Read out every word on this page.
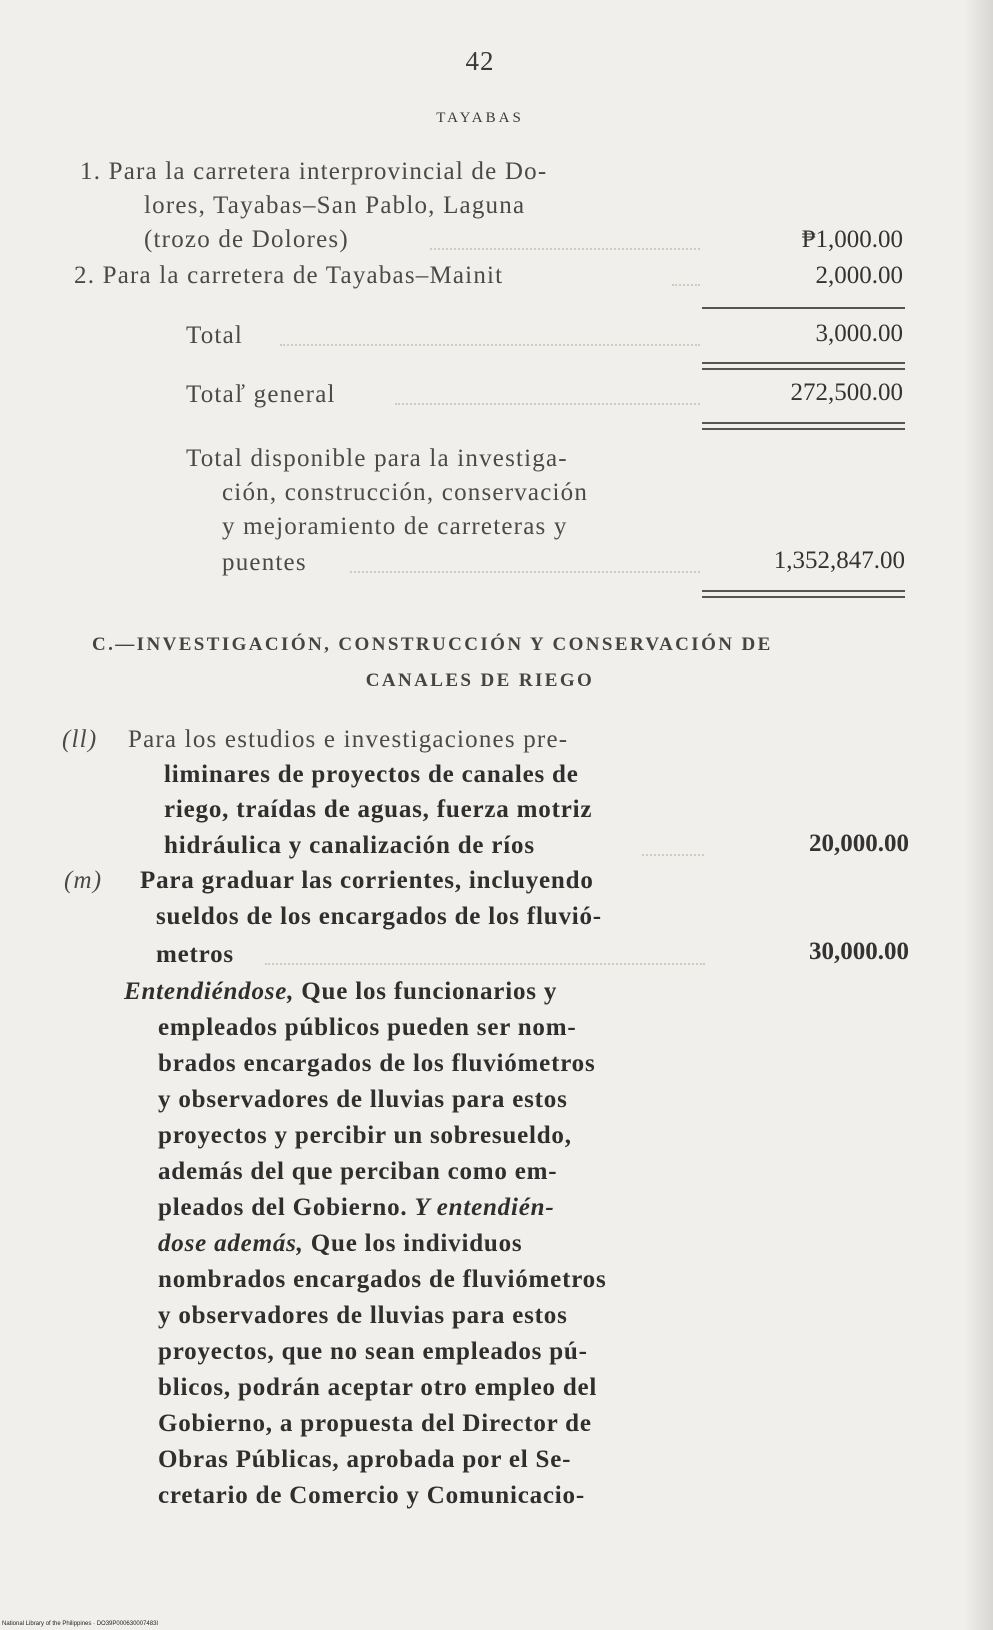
42
TAYABAS
1. Para la carretera interprovincial de Do-
lores, Tayabas–San Pablo, Laguna
(trozo de Dolores)	₱1,000.00
2. Para la carretera de Tayabas–Mainit	2,000.00
Total	3,000.00
Totaľ general	272,500.00
Total disponible para la investiga-
ción, construcción, conservación
y mejoramiento de carreteras y
puentes	1,352,847.00
C.—INVESTIGACIÓN, CONSTRUCCIÓN Y CONSERVACIÓN DE
CANALES DE RIEGO
(ll) Para los estudios e investigaciones pre-
liminares de proyectos de canales de
riego, traídas de aguas, fuerza motriz
hidráulica y canalización de ríos	20,000.00
(m) Para graduar las corrientes, incluyendo
sueldos de los encargados de los fluvió-
metros	30,000.00
Entendiéndose, Que los funcionarios y
empleados públicos pueden ser nom-
brados encargados de los fluviómetros
y observadores de lluvias para estos
proyectos y percibir un sobresueldo,
además del que perciban como em-
pleados del Gobierno. Y entendién-
dose además, Que los individuos
nombrados encargados de fluviómetros
y observadores de lluvias para estos
proyectos, que no sean empleados pú-
blicos, podrán aceptar otro empleo del
Gobierno, a propuesta del Director de
Obras Públicas, aprobada por el Se-
cretario de Comercio y Comunicacio-
National Library of the Philippines · DO39P000630007483I
